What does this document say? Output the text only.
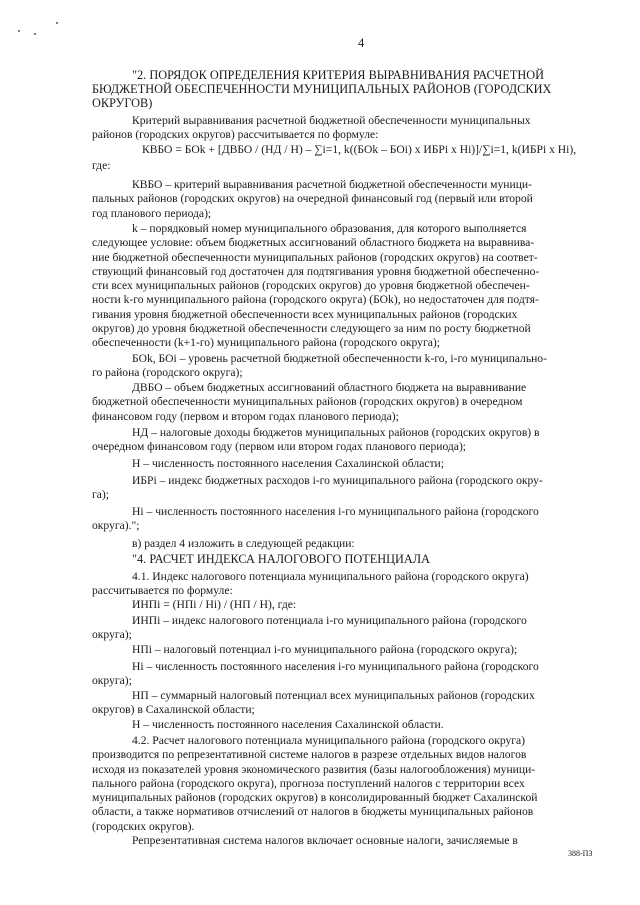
4
"2. ПОРЯДОК ОПРЕДЕЛЕНИЯ КРИТЕРИЯ ВЫРАВНИВАНИЯ РАСЧЕТНОЙ
БЮДЖЕТНОЙ ОБЕСПЕЧЕННОСТИ МУНИЦИПАЛЬНЫХ РАЙОНОВ (ГОРОДСКИХ
ОКРУГОВ)
Критерий выравнивания расчетной бюджетной обеспеченности муниципальных
районов (городских округов) рассчитывается по формуле:
КВБО = БОk + [ДВБО / (НД / Н) – ∑i=1, k((БОk – БОi) x ИБРi x Нi)]/∑i=1, k(ИБРi x Нi),
где:
КВБО – критерий выравнивания расчетной бюджетной обеспеченности муници-
пальных районов (городских округов) на очередной финансовый год (первый или второй
год планового периода);
k – порядковый номер муниципального образования, для которого выполняется
следующее условие: объем бюджетных ассигнований областного бюджета на выравнива-
ние бюджетной обеспеченности муниципальных районов (городских округов) на соответ-
ствующий финансовый год достаточен для подтягивания уровня бюджетной обеспеченно-
сти всех муниципальных районов (городских округов) до уровня бюджетной обеспечен-
ности k-го муниципального района (городского округа) (БОk), но недостаточен для подтя-
гивания уровня бюджетной обеспеченности всех муниципальных районов (городских
округов) до уровня бюджетной обеспеченности следующего за ним по росту бюджетной
обеспеченности (k+1-го) муниципального района (городского округа);
БОk, БОi – уровень расчетной бюджетной обеспеченности k-го, i-го муниципально-
го района (городского округа);
ДВБО – объем бюджетных ассигнований областного бюджета на выравнивание
бюджетной обеспеченности муниципальных районов (городских округов) в очередном
финансовом году (первом и втором годах планового периода);
НД – налоговые доходы бюджетов муниципальных районов (городских округов) в
очередном финансовом году (первом или втором годах планового периода);
Н – численность постоянного населения Сахалинской области;
ИБРi – индекс бюджетных расходов i-го муниципального района (городского окру-
га);
Нi – численность постоянного населения i-го муниципального района (городского
округа).";
в) раздел 4 изложить в следующей редакции:
"4. РАСЧЕТ ИНДЕКСА НАЛОГОВОГО ПОТЕНЦИАЛА
4.1. Индекс налогового потенциала муниципального района (городского округа)
рассчитывается по формуле:
ИНПi = (НПi / Нi) / (НП / Н), где:
ИНПi – индекс налогового потенциала i-го муниципального района (городского
округа);
НПi – налоговый потенциал i-го муниципального района (городского округа);
Нi – численность постоянного населения i-го муниципального района (городского
округа);
НП – суммарный налоговый потенциал всех муниципальных районов (городских
округов) в Сахалинской области;
Н – численность постоянного населения Сахалинской области.
4.2. Расчет налогового потенциала муниципального района (городского округа)
производится по репрезентативной системе налогов в разрезе отдельных видов налогов
исходя из показателей уровня экономического развития (базы налогообложения) муници-
пального района (городского округа), прогноза поступлений налогов с территории всех
муниципальных районов (городских округов) в консолидированный бюджет Сахалинской
области, а также нормативов отчислений от налогов в бюджеты муниципальных районов
(городских округов).
Репрезентативная система налогов включает основные налоги, зачисляемые в
388-ПЗ
